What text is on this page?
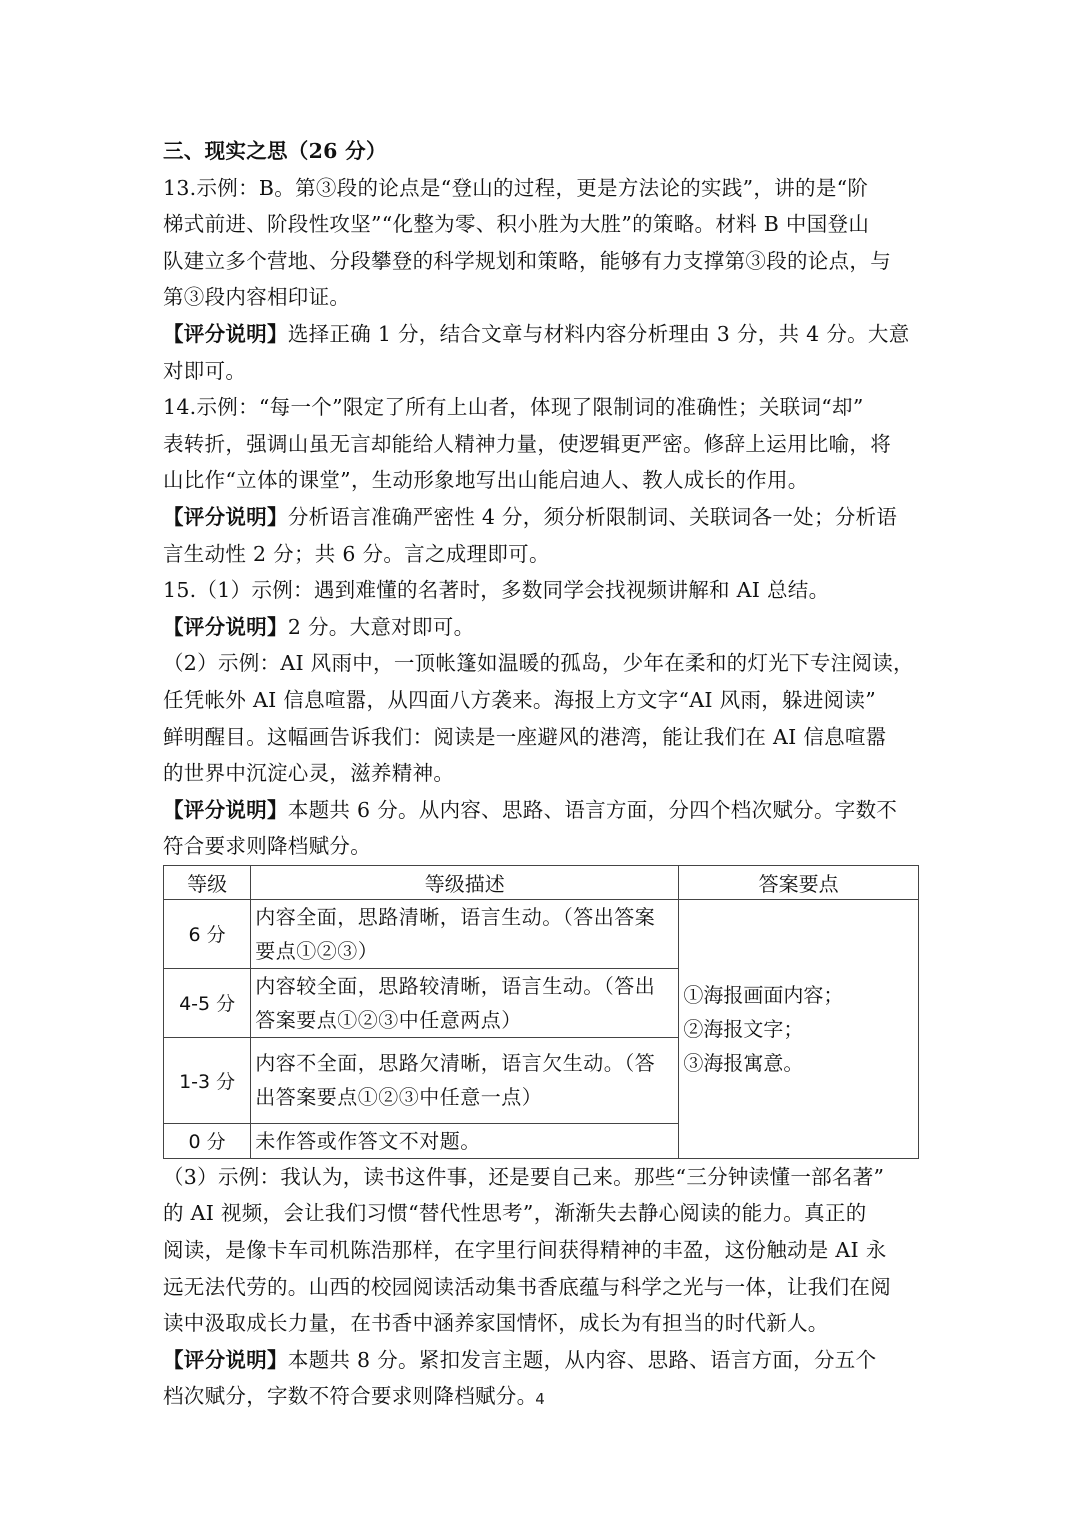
三、现实之思（26 分）
13.示例：B。第③段的论点是“登山的过程，更是方法论的实践”，讲的是“阶
梯式前进、阶段性攻坚”“化整为零、积小胜为大胜”的策略。材料 B 中国登山
队建立多个营地、分段攀登的科学规划和策略，能够有力支撑第③段的论点，与
第③段内容相印证。
【评分说明】选择正确 1 分，结合文章与材料内容分析理由 3 分，共 4 分。大意
对即可。
14.示例：“每一个”限定了所有上山者，体现了限制词的准确性；关联词“却”
表转折，强调山虽无言却能给人精神力量，使逻辑更严密。修辞上运用比喻，将
山比作“立体的课堂”，生动形象地写出山能启迪人、教人成长的作用。
【评分说明】分析语言准确严密性 4 分，须分析限制词、关联词各一处；分析语
言生动性 2 分；共 6 分。言之成理即可。
15.（1）示例：遇到难懂的名著时，多数同学会找视频讲解和 AI 总结。
【评分说明】2 分。大意对即可。
（2）示例：AI 风雨中，一顶帐篷如温暖的孤岛，少年在柔和的灯光下专注阅读，
任凭帐外 AI 信息喧嚣，从四面八方袭来。海报上方文字“AI 风雨，躲进阅读”
鲜明醒目。这幅画告诉我们：阅读是一座避风的港湾，能让我们在 AI 信息喧嚣
的世界中沉淀心灵，滋养精神。
【评分说明】本题共 6 分。从内容、思路、语言方面，分四个档次赋分。字数不
符合要求则降档赋分。
等级	等级描述	答案要点
6 分	内容全面，思路清晰，语言生动。（答出答案要点①②③）	①海报画面内容；
②海报文字；
③海报寓意。

4-5 分	内容较全面，思路较清晰，语言生动。（答出答案要点①②③中任意两点）	
1-3 分	内容不全面，思路欠清晰，语言欠生动。（答出答案要点①②③中任意一点）	
0 分	未作答或作答文不对题。	
（3）示例：我认为，读书这件事，还是要自己来。那些“三分钟读懂一部名著”
的 AI 视频，会让我们习惯“替代性思考”，渐渐失去静心阅读的能力。真正的
阅读，是像卡车司机陈浩那样，在字里行间获得精神的丰盈，这份触动是 AI 永
远无法代劳的。山西的校园阅读活动集书香底蕴与科学之光与一体，让我们在阅
读中汲取成长力量，在书香中涵养家国情怀，成长为有担当的时代新人。
【评分说明】本题共 8 分。紧扣发言主题，从内容、思路、语言方面，分五个
档次赋分，字数不符合要求则降档赋分。
4
